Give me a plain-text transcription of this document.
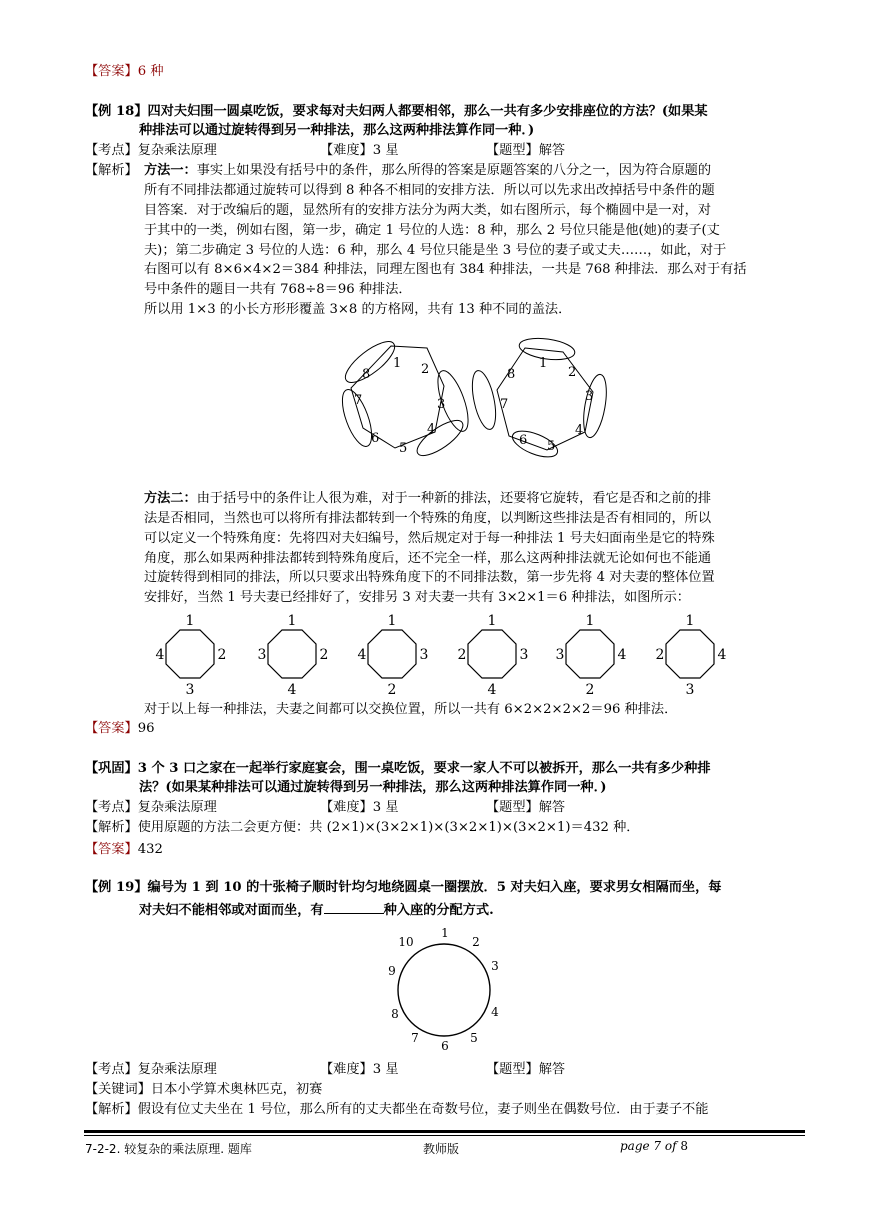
【答案】6 种
【例 18】四对夫妇围一圆桌吃饭，要求每对夫妇两人都要相邻，那么一共有多少安排座位的方法？(如果某
种排法可以通过旋转得到另一种排法，那么这两种排法算作同一种．)
【考点】复杂乘法原理	【难度】3 星	【题型】解答
【解析】 方法一：事实上如果没有括号中的条件，那么所得的答案是原题答案的八分之一，因为符合原题的
所有不同排法都通过旋转可以得到 8 种各不相同的安排方法．所以可以先求出改掉括号中条件的题
目答案．对于改编后的题，显然所有的安排方法分为两大类，如右图所示，每个椭圆中是一对，对
于其中的一类，例如右图，第一步，确定 1 号位的人选：8 种，那么 2 号位只能是他(她)的妻子(丈
夫)；第二步确定 3 号位的人选：6 种，那么 4 号位只能是坐 3 号位的妻子或丈夫……，如此，对于
右图可以有 8×6×4×2＝384 种排法，同理左图也有 384 种排法，一共是 768 种排法．那么对于有括
号中条件的题目一共有 768÷8＝96 种排法．
所以用 1×3 的小长方形形覆盖 3×8 的方格网，共有 13 种不同的盖法．
1 2
3
4
5
6
7
8
1
2
3
4
5
6
7
8
方法二：由于括号中的条件让人很为难，对于一种新的排法，还要将它旋转，看它是否和之前的排
法是否相同，当然也可以将所有排法都转到一个特殊的角度，以判断这些排法是否有相同的，所以
可以定义一个特殊角度：先将四对夫妇编号，然后规定对于每一种排法 1 号夫妇面南坐是它的特殊
角度，那么如果两种排法都转到特殊角度后，还不完全一样，那么这两种排法就无论如何也不能通
过旋转得到相同的排法，所以只要求出特殊角度下的不同排法数，第一步先将 4 对夫妻的整体位置
安排好，当然 1 号夫妻已经排好了，安排另 3 对夫妻一共有 3×2×1＝6 种排法，如图所示：
1
4	2
3
1
3	2
4
1
4	3
2
1
2	3
4
1
3	4
2
1
2	4
3
对于以上每一种排法，夫妻之间都可以交换位置，所以一共有 6×2×2×2×2＝96 种排法．
【答案】96
【巩固】3 个 3 口之家在一起举行家庭宴会，围一桌吃饭，要求一家人不可以被拆开，那么一共有多少种排
法？(如果某种排法可以通过旋转得到另一种排法，那么这两种排法算作同一种．)
【考点】复杂乘法原理	【难度】3 星	【题型】解答
【解析】使用原题的方法二会更方便：共 (2×1)×(3×2×1)×(3×2×1)×(3×2×1)＝432 种．
【答案】432
【例 19】编号为 1 到 10 的十张椅子顺时针均匀地绕圆桌一圈摆放．5 对夫妇入座，要求男女相隔而坐，每
对夫妇不能相邻或对面而坐，有	种入座的分配方式.
1
2
3
4
5
6
7
8
9
10
【考点】复杂乘法原理	【难度】3 星	【题型】解答
【关键词】日本小学算术奥林匹克，初赛
【解析】假设有位丈夫坐在 1 号位，那么所有的丈夫都坐在奇数号位，妻子则坐在偶数号位．由于妻子不能
7-2-2. 较复杂的乘法原理. 题库	教师版	page 7 of 8
